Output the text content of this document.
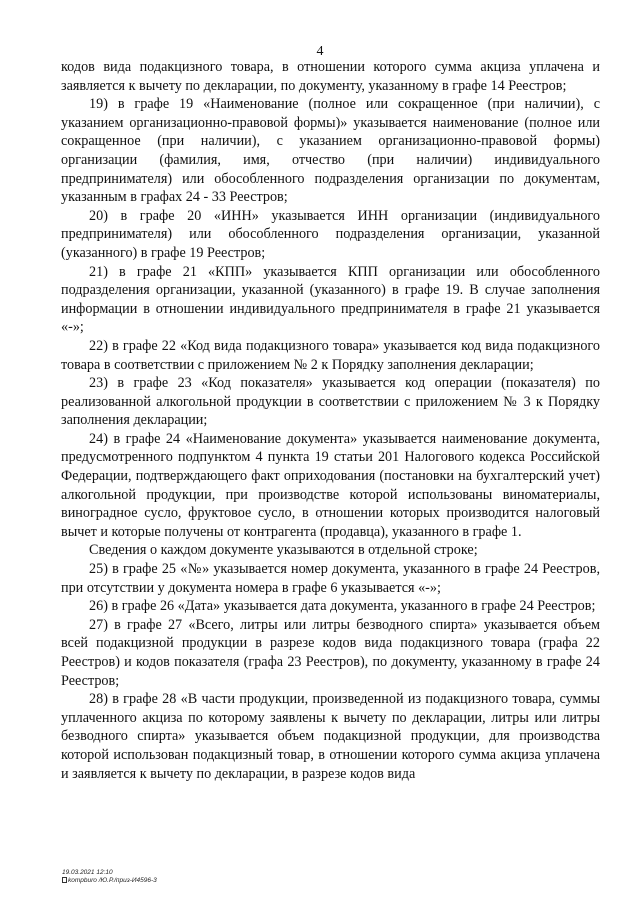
4

кодов вида подакцизного товара, в отношении которого сумма акциза уплачена и заявляется к вычету по декларации, по документу, указанному в графе 14 Реестров;

19) в графе 19 «Наименование (полное или сокращенное (при наличии), с указанием организационно-правовой формы)» указывается наименование (полное или сокращенное (при наличии), с указанием организационно-правовой формы) организации (фамилия, имя, отчество (при наличии) индивидуального предпринимателя) или обособленного подразделения организации по документам, указанным в графах 24 - 33 Реестров;

20) в графе 20 «ИНН» указывается ИНН организации (индивидуального предпринимателя) или обособленного подразделения организации, указанной (указанного) в графе 19 Реестров;

21) в графе 21 «КПП» указывается КПП организации или обособленного подразделения организации, указанной (указанного) в графе 19. В случае заполнения информации в отношении индивидуального предпринимателя в графе 21 указывается «-»;

22) в графе 22 «Код вида подакцизного товара» указывается код вида подакцизного товара в соответствии с приложением № 2 к Порядку заполнения декларации;

23) в графе 23 «Код показателя» указывается код операции (показателя) по реализованной алкогольной продукции в соответствии с приложением № 3 к Порядку заполнения декларации;

24) в графе 24 «Наименование документа» указывается наименование документа, предусмотренного подпунктом 4 пункта 19 статьи 201 Налогового кодекса Российской Федерации, подтверждающего факт оприходования (постановки на бухгалтерский учет) алкогольной продукции, при производстве которой использованы виноматериалы, виноградное сусло, фруктовое сусло, в отношении которых производится налоговый вычет и которые получены от контрагента (продавца), указанного в графе 1.

Сведения о каждом документе указываются в отдельной строке;

25) в графе 25 «№» указывается номер документа, указанного в графе 24 Реестров, при отсутствии у документа номера в графе 6 указывается «-»;

26) в графе 26 «Дата» указывается дата документа, указанного в графе 24 Реестров;

27) в графе 27 «Всего, литры или литры безводного спирта» указывается объем всей подакцизной продукции в разрезе кодов вида подакцизного товара (графа 22 Реестров) и кодов показателя (графа 23 Реестров), по документу, указанному в графе 24 Реестров;

28) в графе 28 «В части продукции, произведенной из подакцизного товара, суммы уплаченного акциза по которому заявлены к вычету по декларации, литры или литры безводного спирта» указывается объем подакцизной продукции, для производства которой использован подакцизный товар, в отношении которого сумма акциза уплачена и заявляется к вычету по декларации, в разрезе кодов вида

19.03.2021 12:10
kompburo /Ю.Р./приз-И4596-3
